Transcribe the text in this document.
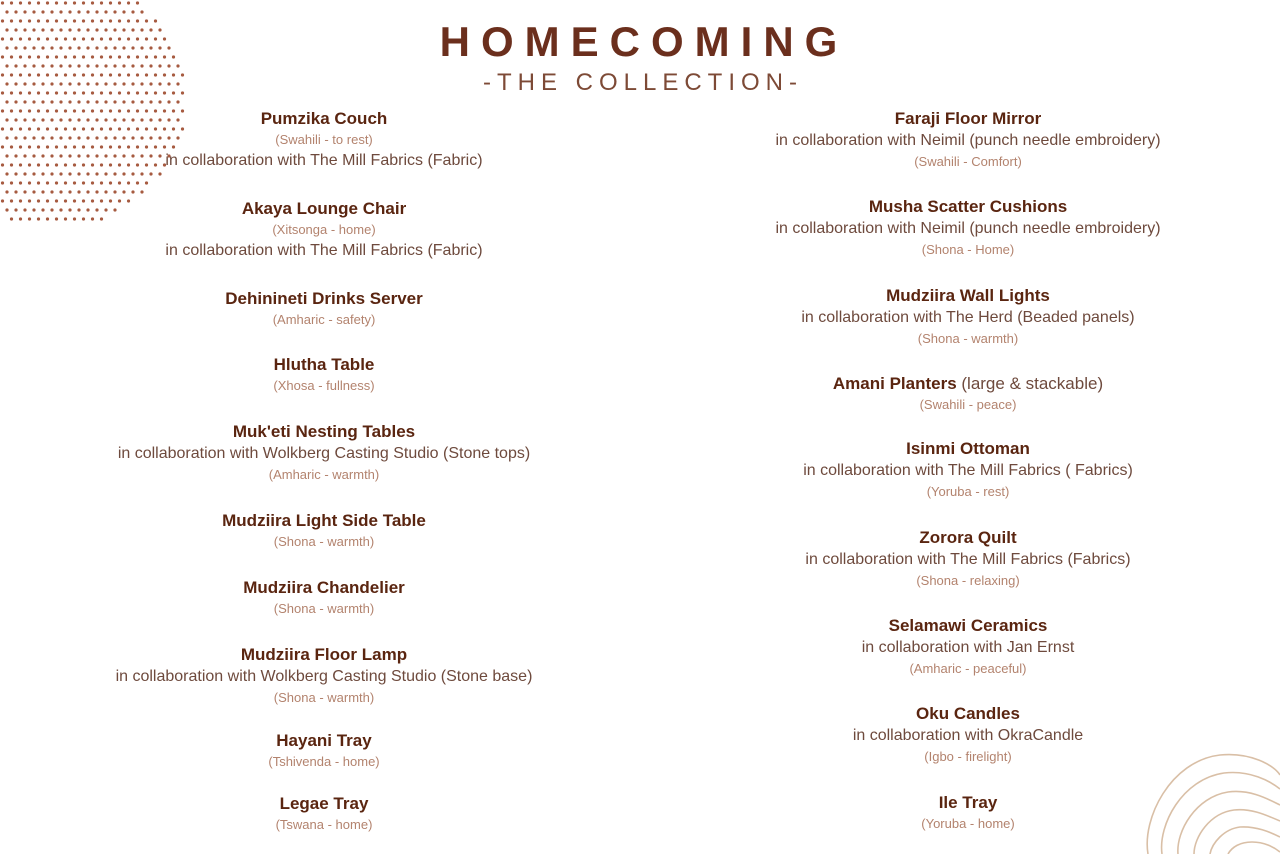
HOMECOMING
-THE COLLECTION-
Pumzika Couch
(Swahili - to rest)
in collaboration with The Mill Fabrics (Fabric)
Akaya Lounge Chair
(Xitsonga - home)
in collaboration with The Mill Fabrics (Fabric)
Dehinineti Drinks Server
(Amharic - safety)
Hlutha Table
(Xhosa - fullness)
Muk'eti Nesting Tables
in collaboration with Wolkberg Casting Studio (Stone tops)
(Amharic - warmth)
Mudziira Light Side Table
(Shona - warmth)
Mudziira Chandelier
(Shona - warmth)
Mudziira Floor Lamp
in collaboration with Wolkberg Casting Studio (Stone base)
(Shona - warmth)
Hayani Tray
(Tshivenda - home)
Legae Tray
(Tswana - home)
Faraji Floor Mirror
in collaboration with Neimil (punch needle embroidery)
(Swahili - Comfort)
Musha Scatter Cushions
in collaboration with Neimil (punch needle embroidery)
(Shona - Home)
Mudziira Wall Lights
in collaboration with The Herd (Beaded panels)
(Shona - warmth)
Amani Planters (large & stackable)
(Swahili - peace)
Isinmi Ottoman
in collaboration with The Mill Fabrics ( Fabrics)
(Yoruba - rest)
Zorora Quilt
in collaboration with The Mill Fabrics (Fabrics)
(Shona - relaxing)
Selamawi Ceramics
in collaboration with Jan Ernst
(Amharic - peaceful)
Oku Candles
in collaboration with OkraCandle
(Igbo - firelight)
Ile Tray
(Yoruba - home)
